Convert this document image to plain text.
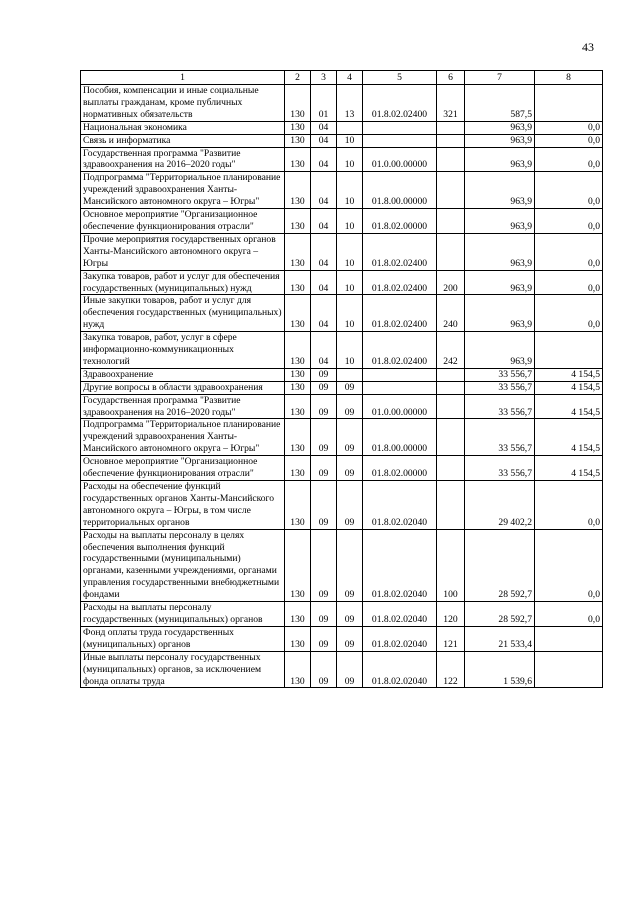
43
1	2	3	4	5	6	7	8
Пособия, компенсации и иные социальные выплаты гражданам, кроме публичных нормативных обязательств	130	01	13	01.8.02.02400	321	587,5	
Национальная экономика	130	04				963,9	0,0
Связь и информатика	130	04	10			963,9	0,0
Государственная программа "Развитие здравоохранения на 2016–2020 годы"	130	04	10	01.0.00.00000		963,9	0,0
Подпрограмма "Территориальное планирование учреждений здравоохранения Ханты-Мансийского автономного округа – Югры"	130	04	10	01.8.00.00000		963,9	0,0
Основное мероприятие "Организационное обеспечение функционирования отрасли"	130	04	10	01.8.02.00000		963,9	0,0
Прочие мероприятия государственных органов Ханты-Мансийского автономного округа – Югры	130	04	10	01.8.02.02400		963,9	0,0
Закупка товаров, работ и услуг для обеспечения государственных (муниципальных) нужд	130	04	10	01.8.02.02400	200	963,9	0,0
Иные закупки товаров, работ и услуг для обеспечения государственных (муниципальных) нужд	130	04	10	01.8.02.02400	240	963,9	0,0
Закупка товаров, работ, услуг в сфере информационно-коммуникационных технологий	130	04	10	01.8.02.02400	242	963,9	
Здравоохранение	130	09				33 556,7	4 154,5
Другие вопросы в области здравоохранения	130	09	09			33 556,7	4 154,5
Государственная программа "Развитие здравоохранения на 2016–2020 годы"	130	09	09	01.0.00.00000		33 556,7	4 154,5
Подпрограмма "Территориальное планирование учреждений здравоохранения Ханты-Мансийского автономного округа – Югры"	130	09	09	01.8.00.00000		33 556,7	4 154,5
Основное мероприятие "Организационное обеспечение функционирования отрасли"	130	09	09	01.8.02.00000		33 556,7	4 154,5
Расходы на обеспечение функций государственных органов Ханты-Мансийского автономного округа – Югры, в том числе территориальных органов	130	09	09	01.8.02.02040		29 402,2	0,0
Расходы на выплаты персоналу в целях обеспечения выполнения функций государственными (муниципальными) органами, казенными учреждениями, органами управления государственными внебюджетными фондами	130	09	09	01.8.02.02040	100	28 592,7	0,0
Расходы на выплаты персоналу государственных (муниципальных) органов	130	09	09	01.8.02.02040	120	28 592,7	0,0
Фонд оплаты труда государственных (муниципальных) органов	130	09	09	01.8.02.02040	121	21 533,4	
Иные выплаты персоналу государственных (муниципальных) органов, за исключением фонда оплаты труда	130	09	09	01.8.02.02040	122	1 539,6	
